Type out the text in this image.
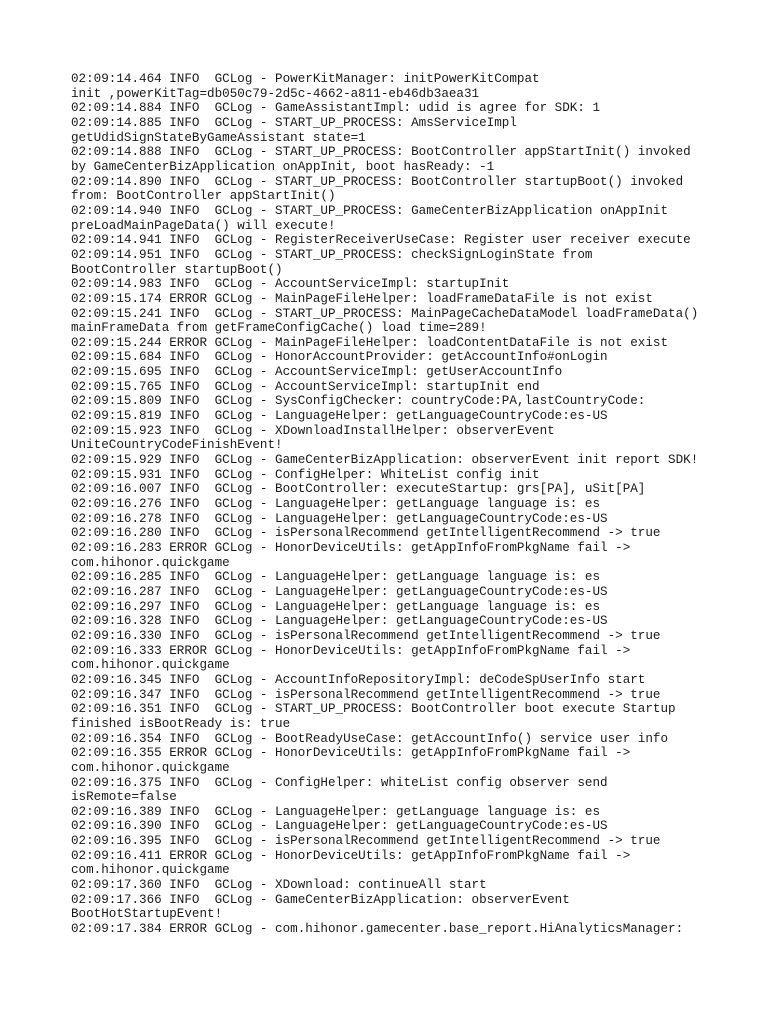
02:09:14.464 INFO  GCLog - PowerKitManager: initPowerKitCompat
init ,powerKitTag=db050c79-2d5c-4662-a811-eb46db3aea31
02:09:14.884 INFO  GCLog - GameAssistantImpl: udid is agree for SDK: 1
02:09:14.885 INFO  GCLog - START_UP_PROCESS: AmsServiceImpl
getUdidSignStateByGameAssistant state=1
02:09:14.888 INFO  GCLog - START_UP_PROCESS: BootController appStartInit() invoked
by GameCenterBizApplication onAppInit, boot hasReady: -1
02:09:14.890 INFO  GCLog - START_UP_PROCESS: BootController startupBoot() invoked
from: BootController appStartInit()
02:09:14.940 INFO  GCLog - START_UP_PROCESS: GameCenterBizApplication onAppInit
preLoadMainPageData() will execute!
02:09:14.941 INFO  GCLog - RegisterReceiverUseCase: Register user receiver execute
02:09:14.951 INFO  GCLog - START_UP_PROCESS: checkSignLoginState from
BootController startupBoot()
02:09:14.983 INFO  GCLog - AccountServiceImpl: startupInit
02:09:15.174 ERROR GCLog - MainPageFileHelper: loadFrameDataFile is not exist
02:09:15.241 INFO  GCLog - START_UP_PROCESS: MainPageCacheDataModel loadFrameData()
mainFrameData from getFrameConfigCache() load time=289!
02:09:15.244 ERROR GCLog - MainPageFileHelper: loadContentDataFile is not exist
02:09:15.684 INFO  GCLog - HonorAccountProvider: getAccountInfo#onLogin
02:09:15.695 INFO  GCLog - AccountServiceImpl: getUserAccountInfo
02:09:15.765 INFO  GCLog - AccountServiceImpl: startupInit end
02:09:15.809 INFO  GCLog - SysConfigChecker: countryCode:PA,lastCountryCode:
02:09:15.819 INFO  GCLog - LanguageHelper: getLanguageCountryCode:es-US
02:09:15.923 INFO  GCLog - XDownloadInstallHelper: observerEvent
UniteCountryCodeFinishEvent!
02:09:15.929 INFO  GCLog - GameCenterBizApplication: observerEvent init report SDK!
02:09:15.931 INFO  GCLog - ConfigHelper: WhiteList config init
02:09:16.007 INFO  GCLog - BootController: executeStartup: grs[PA], uSit[PA]
02:09:16.276 INFO  GCLog - LanguageHelper: getLanguage language is: es
02:09:16.278 INFO  GCLog - LanguageHelper: getLanguageCountryCode:es-US
02:09:16.280 INFO  GCLog - isPersonalRecommend getIntelligentRecommend -> true
02:09:16.283 ERROR GCLog - HonorDeviceUtils: getAppInfoFromPkgName fail ->
com.hihonor.quickgame
02:09:16.285 INFO  GCLog - LanguageHelper: getLanguage language is: es
02:09:16.287 INFO  GCLog - LanguageHelper: getLanguageCountryCode:es-US
02:09:16.297 INFO  GCLog - LanguageHelper: getLanguage language is: es
02:09:16.328 INFO  GCLog - LanguageHelper: getLanguageCountryCode:es-US
02:09:16.330 INFO  GCLog - isPersonalRecommend getIntelligentRecommend -> true
02:09:16.333 ERROR GCLog - HonorDeviceUtils: getAppInfoFromPkgName fail ->
com.hihonor.quickgame
02:09:16.345 INFO  GCLog - AccountInfoRepositoryImpl: deCodeSpUserInfo start
02:09:16.347 INFO  GCLog - isPersonalRecommend getIntelligentRecommend -> true
02:09:16.351 INFO  GCLog - START_UP_PROCESS: BootController boot execute Startup
finished isBootReady is: true
02:09:16.354 INFO  GCLog - BootReadyUseCase: getAccountInfo() service user info
02:09:16.355 ERROR GCLog - HonorDeviceUtils: getAppInfoFromPkgName fail ->
com.hihonor.quickgame
02:09:16.375 INFO  GCLog - ConfigHelper: whiteList config observer send
isRemote=false
02:09:16.389 INFO  GCLog - LanguageHelper: getLanguage language is: es
02:09:16.390 INFO  GCLog - LanguageHelper: getLanguageCountryCode:es-US
02:09:16.395 INFO  GCLog - isPersonalRecommend getIntelligentRecommend -> true
02:09:16.411 ERROR GCLog - HonorDeviceUtils: getAppInfoFromPkgName fail ->
com.hihonor.quickgame
02:09:17.360 INFO  GCLog - XDownload: continueAll start
02:09:17.366 INFO  GCLog - GameCenterBizApplication: observerEvent
BootHotStartupEvent!
02:09:17.384 ERROR GCLog - com.hihonor.gamecenter.base_report.HiAnalyticsManager:
